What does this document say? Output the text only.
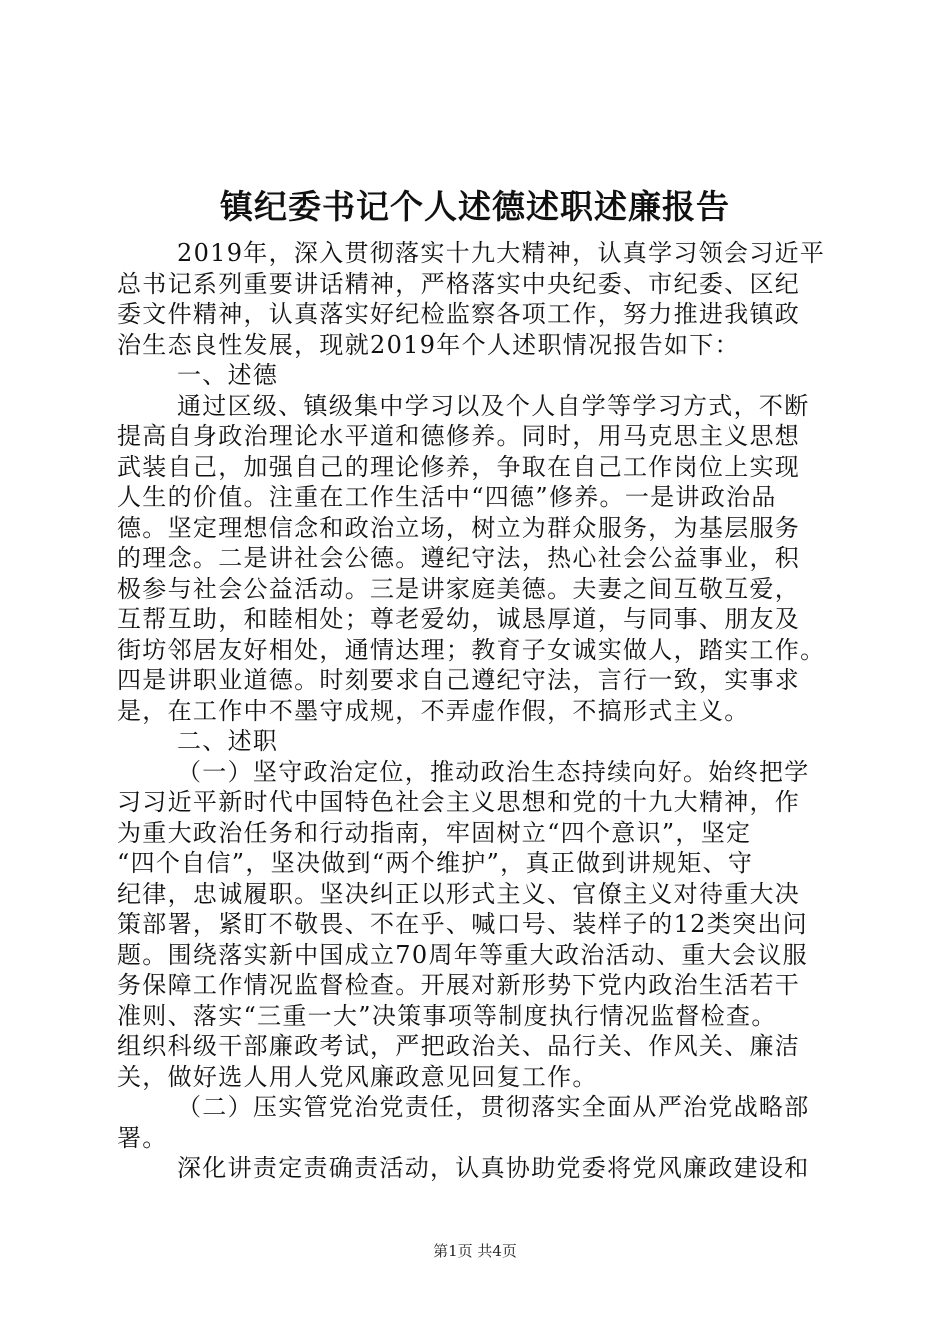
镇纪委书记个人述德述职述廉报告
2019年，深入贯彻落实十九大精神，认真学习领会习近平
总书记系列重要讲话精神，严格落实中央纪委、市纪委、区纪
委文件精神，认真落实好纪检监察各项工作，努力推进我镇政
治生态良性发展，现就2019年个人述职情况报告如下：
一、述德
通过区级、镇级集中学习以及个人自学等学习方式，不断
提高自身政治理论水平道和德修养。同时，用马克思主义思想
武装自己，加强自己的理论修养，争取在自己工作岗位上实现
人生的价值。注重在工作生活中“四德”修养。一是讲政治品
德。坚定理想信念和政治立场，树立为群众服务，为基层服务
的理念。二是讲社会公德。遵纪守法，热心社会公益事业，积
极参与社会公益活动。三是讲家庭美德。夫妻之间互敬互爱，
互帮互助，和睦相处；尊老爱幼，诚恳厚道，与同事、朋友及
街坊邻居友好相处，通情达理；教育子女诚实做人，踏实工作。
四是讲职业道德。时刻要求自己遵纪守法，言行一致，实事求
是，在工作中不墨守成规，不弄虚作假，不搞形式主义。
二、述职
（一）坚守政治定位，推动政治生态持续向好。始终把学
习习近平新时代中国特色社会主义思想和党的十九大精神，作
为重大政治任务和行动指南，牢固树立“四个意识”，坚定
“四个自信”，坚决做到“两个维护”，真正做到讲规矩、守
纪律，忠诚履职。坚决纠正以形式主义、官僚主义对待重大决
策部署，紧盯不敬畏、不在乎、喊口号、装样子的12类突出问
题。围绕落实新中国成立70周年等重大政治活动、重大会议服
务保障工作情况监督检查。开展对新形势下党内政治生活若干
准则、落实“三重一大”决策事项等制度执行情况监督检查。
组织科级干部廉政考试，严把政治关、品行关、作风关、廉洁
关，做好选人用人党风廉政意见回复工作。
（二）压实管党治党责任，贯彻落实全面从严治党战略部
署。
深化讲责定责确责活动，认真协助党委将党风廉政建设和
第1页 共4页
